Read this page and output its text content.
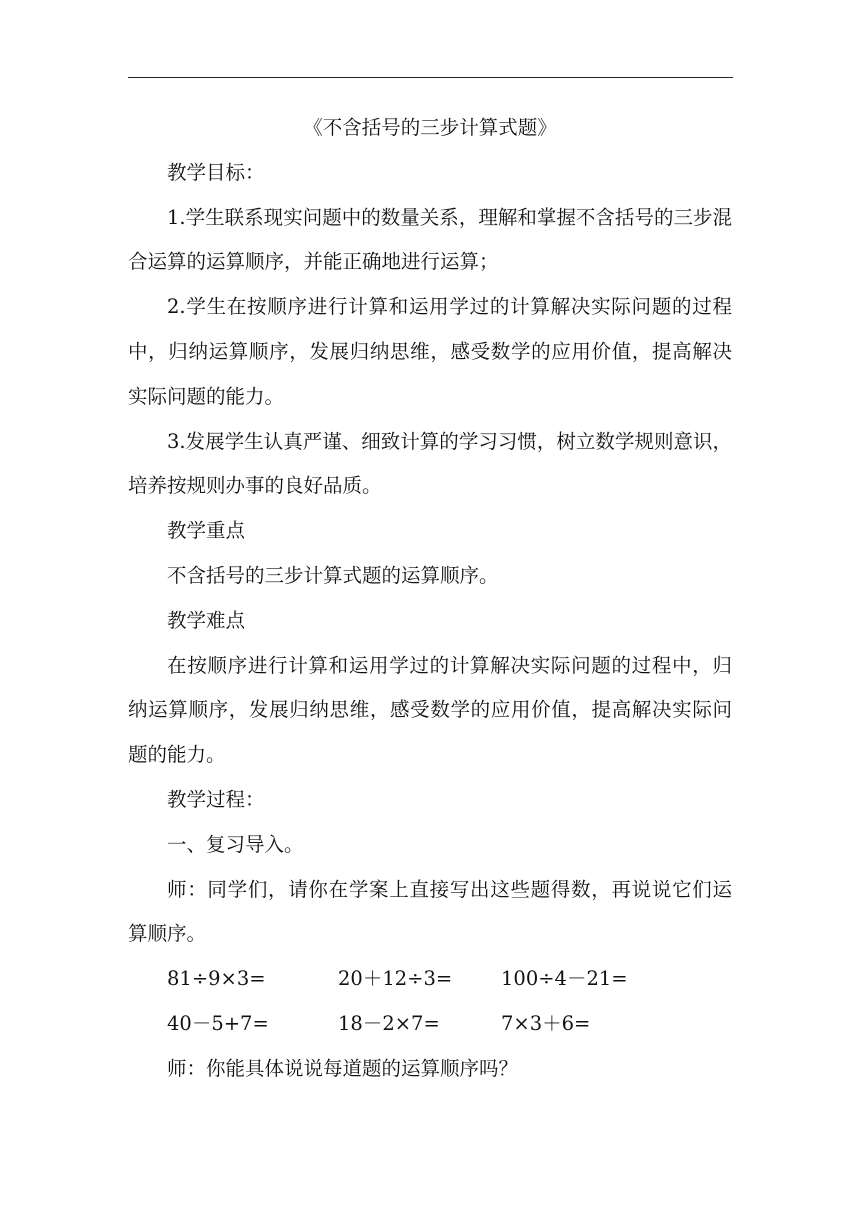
《不含括号的三步计算式题》

教学目标：

1.学生联系现实问题中的数量关系，理解和掌握不含括号的三步混合运算的运算顺序，并能正确地进行运算；

2.学生在按顺序进行计算和运用学过的计算解决实际问题的过程中，归纳运算顺序，发展归纳思维，感受数学的应用价值，提高解决实际问题的能力。

3.发展学生认真严谨、细致计算的学习习惯，树立数学规则意识，培养按规则办事的良好品质。

教学重点

不含括号的三步计算式题的运算顺序。

教学难点

在按顺序进行计算和运用学过的计算解决实际问题的过程中，归纳运算顺序，发展归纳思维，感受数学的应用价值，提高解决实际问题的能力。

教学过程：

一、复习导入。

师：同学们，请你在学案上直接写出这些题得数，再说说它们运算顺序。

81÷9×3=	20＋12÷3=	100÷4－21=
40－5+7=	18－2×7=	7×3＋6=

师：你能具体说说每道题的运算顺序吗？
